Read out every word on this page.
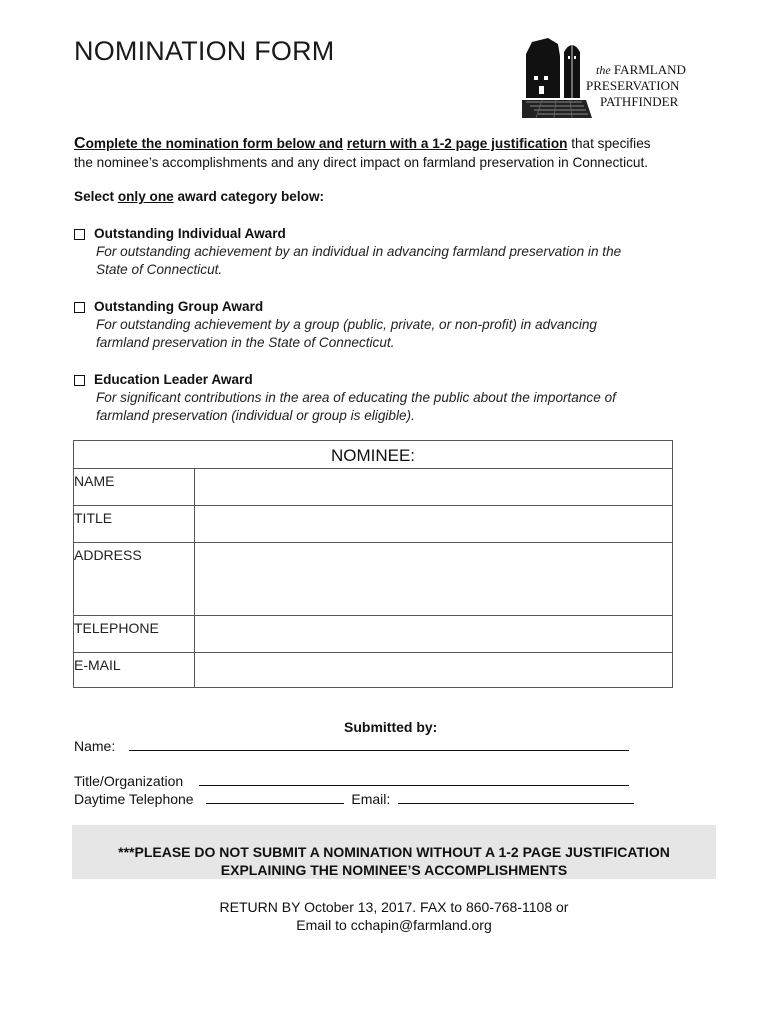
NOMINATION FORM
the FARMLAND
PRESERVATION
PATHFINDER
Complete the nomination form below and return with a 1-2 page justification that specifies
the nominee’s accomplishments and any direct impact on farmland preservation in Connecticut.
Select only one award category below:
Outstanding Individual Award
For outstanding achievement by an individual in advancing farmland preservation in the
State of Connecticut.
Outstanding Group Award
For outstanding achievement by a group (public, private, or non-profit) in advancing
farmland preservation in the State of Connecticut.
Education Leader Award
For significant contributions in the area of educating the public about the importance of
farmland preservation (individual or group is eligible).
NOMINEE:	
NAME	
TITLE	
ADDRESS	
TELEPHONE	
E-MAIL	
Submitted by:
Name:
Title/Organization
Daytime Telephone	Email:
***PLEASE DO NOT SUBMIT A NOMINATION WITHOUT A 1-2 PAGE JUSTIFICATION
EXPLAINING THE NOMINEE’S ACCOMPLISHMENTS
RETURN BY October 13, 2017. FAX to 860-768-1108 or
Email to cchapin@farmland.org
